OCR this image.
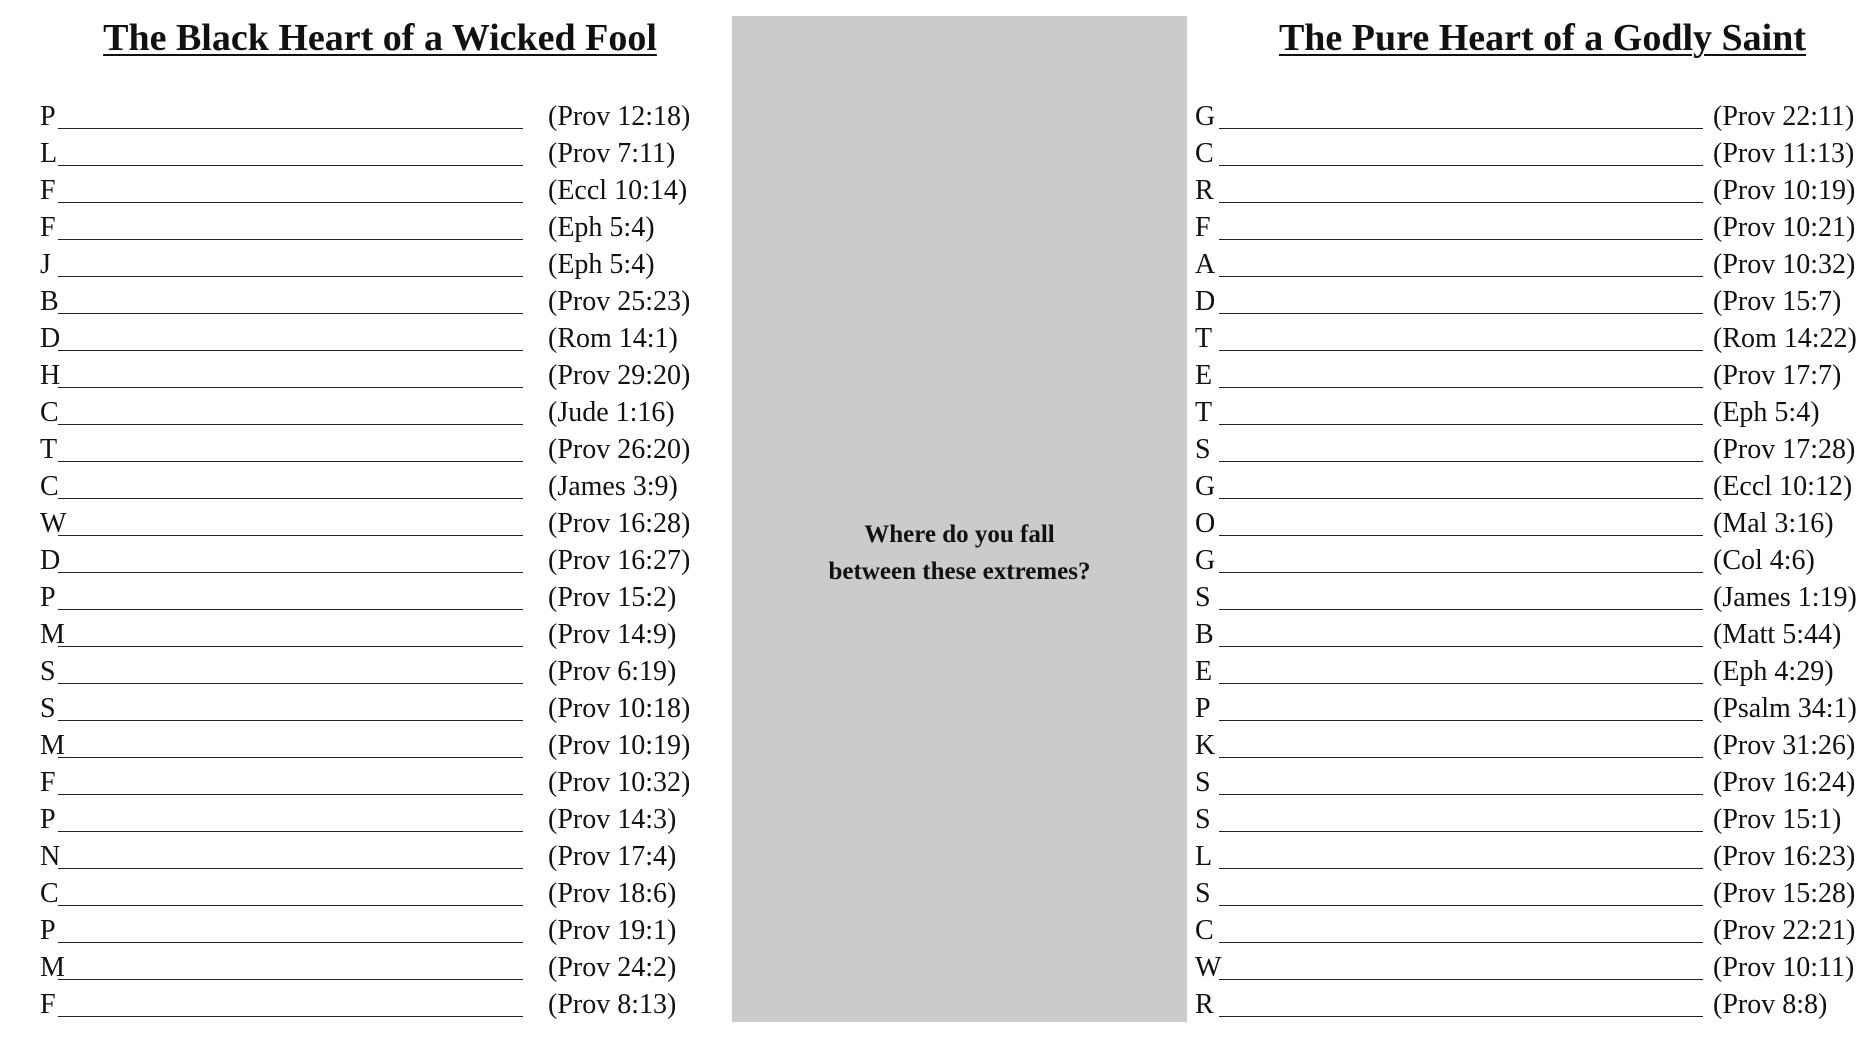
The Black Heart of a Wicked Fool
P	(Prov 12:18)
L	(Prov 7:11)
F	(Eccl 10:14)
F	(Eph 5:4)
J	(Eph 5:4)
B	(Prov 25:23)
D	(Rom 14:1)
H	(Prov 29:20)
C	(Jude 1:16)
T	(Prov 26:20)
C	(James 3:9)
W	(Prov 16:28)
D	(Prov 16:27)
P	(Prov 15:2)
M	(Prov 14:9)
S	(Prov 6:19)
S	(Prov 10:18)
M	(Prov 10:19)
F	(Prov 10:32)
P	(Prov 14:3)
N	(Prov 17:4)
C	(Prov 18:6)
P	(Prov 19:1)
M	(Prov 24:2)
F	(Prov 8:13)
Where do you fall
between these extremes?
The Pure Heart of a Godly Saint
G	(Prov 22:11)
C	(Prov 11:13)
R	(Prov 10:19)
F	(Prov 10:21)
A	(Prov 10:32)
D	(Prov 15:7)
T	(Rom 14:22)
E	(Prov 17:7)
T	(Eph 5:4)
S	(Prov 17:28)
G	(Eccl 10:12)
O	(Mal 3:16)
G	(Col 4:6)
S	(James 1:19)
B	(Matt 5:44)
E	(Eph 4:29)
P	(Psalm 34:1)
K	(Prov 31:26)
S	(Prov 16:24)
S	(Prov 15:1)
L	(Prov 16:23)
S	(Prov 15:28)
C	(Prov 22:21)
W	(Prov 10:11)
R	(Prov 8:8)
